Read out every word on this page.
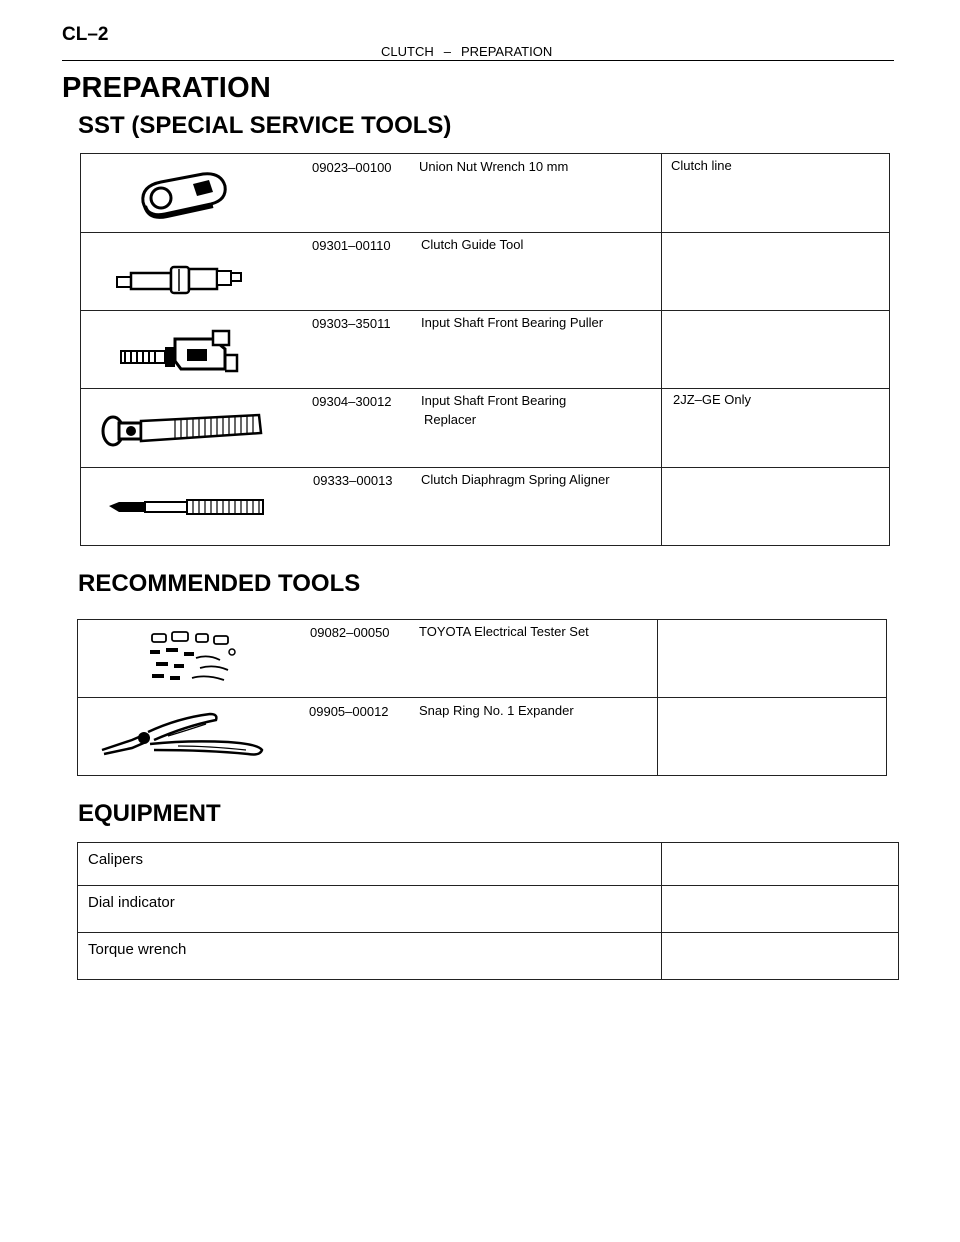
CL–2
CLUTCH – PREPARATION
PREPARATION
SST (SPECIAL SERVICE TOOLS)
09023–00100 Union Nut Wrench 10 mm	Clutch line
09301–00110 Clutch Guide Tool
09303–35011 Input Shaft Front Bearing Puller
09304–30012 Input Shaft Front Bearing
Replacer
2JZ–GE Only
09333–00013 Clutch Diaphragm Spring Aligner
RECOMMENDED TOOLS
09082–00050 TOYOTA Electrical Tester Set
09905–00012 Snap Ring No. 1 Expander
EQUIPMENT
Calipers
Dial indicator
Torque wrench
